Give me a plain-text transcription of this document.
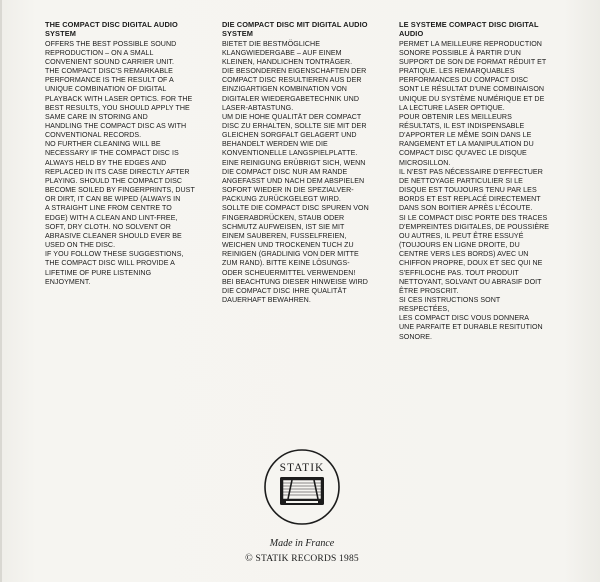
THE COMPACT DISC DIGITAL AUDIO
SYSTEM

OFFERS THE BEST POSSIBLE SOUND
REPRODUCTION – ON A SMALL
CONVENIENT SOUND CARRIER UNIT.
THE COMPACT DISC'S REMARKABLE
PERFORMANCE IS THE RESULT OF A
UNIQUE COMBINATION OF DIGITAL
PLAYBACK WITH LASER OPTICS. FOR THE
BEST RESULTS, YOU SHOULD APPLY THE
SAME CARE IN STORING AND
HANDLING THE COMPACT DISC AS WITH
CONVENTIONAL RECORDS.

NO FURTHER CLEANING WILL BE
NECESSARY IF THE COMPACT DISC IS
ALWAYS HELD BY THE EDGES AND
REPLACED IN ITS CASE DIRECTLY AFTER
PLAYING. SHOULD THE COMPACT DISC
BECOME SOILED BY FINGERPRINTS, DUST
OR DIRT, IT CAN BE WIPED (ALWAYS IN
A STRAIGHT LINE FROM CENTRE TO
EDGE) WITH A CLEAN AND LINT-FREE,
SOFT, DRY CLOTH. NO SOLVENT OR
ABRASIVE CLEANER SHOULD EVER BE
USED ON THE DISC.

IF YOU FOLLOW THESE SUGGESTIONS,
THE COMPACT DISC WILL PROVIDE A
LIFETIME OF PURE LISTENING
ENJOYMENT.

DIE COMPACT DISC MIT DIGITAL AUDIO
SYSTEM

BIETET DIE BESTMÖGLICHE
KLANGWIEDERGABE – AUF EINEM
KLEINEN, HANDLICHEN TONTRÄGER.
DIE BESONDEREN EIGENSCHAFTEN DER
COMPACT DISC RESULTIEREN AUS DER
EINZIGARTIGEN KOMBINATION VON
DIGITALER WIEDERGABETECHNIK UND
LASER-ABTASTUNG.

UM DIE HOHE QUALITÄT DER COMPACT
DISC ZU ERHALTEN, SOLLTE SIE MIT DER
GLEICHEN SORGFALT GELAGERT UND
BEHANDELT WERDEN WIE DIE
KONVENTIONELLE LANGSPIELPLATTE.
EINE REINIGUNG ERÜBRIGT SICH, WENN
DIE COMPACT DISC NUR AM RANDE
ANGEFASST UND NACH DEM ABSPIELEN
SOFORT WIEDER IN DIE SPEZIALVER-
PACKUNG ZURÜCKGELEGT WIRD.
SOLLTE DIE COMPACT DISC SPUREN VON
FINGERABDRÜCKEN, STAUB ODER
SCHMUTZ AUFWEISEN, IST SIE MIT
EINEM SAUBEREN, FUSSELFREIEN,
WEICHEN UND TROCKENEN TUCH ZU
REINIGEN (GRADLINIG VON DER MITTE
ZUM RAND). BITTE KEINE LÖSUNGS-
ODER SCHEUERMITTEL VERWENDEN!
BEI BEACHTUNG DIESER HINWEISE WIRD
DIE COMPACT DISC IHRE QUALITÄT
DAUERHAFT BEWAHREN.

LE SYSTEME COMPACT DISC DIGITAL
AUDIO

PERMET LA MEILLEURE REPRODUCTION
SONORE POSSIBLE À PARTIR D'UN
SUPPORT DE SON DE FORMAT RÉDUIT ET
PRATIQUE. LES REMARQUABLES
PERFORMANCES DU COMPACT DISC
SONT LE RÉSULTAT D'UNE COMBINAISON
UNIQUE DU SYSTÈME NUMÉRIQUE ET DE
LA LECTURE LASER OPTIQUE.
POUR OBTENIR LES MEILLEURS
RÉSULTATS, IL EST INDISPENSABLE
D'APPORTER LE MÊME SOIN DANS LE
RANGEMENT ET LA MANIPULATION DU
COMPACT DISC QU'AVEC LE DISQUE
MICROSILLON.

IL N'EST PAS NÉCESSAIRE D'EFFECTUER
DE NETTOYAGE PARTICULIER SI LE
DISQUE EST TOUJOURS TENU PAR LES
BORDS ET EST REPLACÉ DIRECTEMENT
DANS SON BOITIER APRÈS L'ÉCOUTE.
SI LE COMPACT DISC PORTE DES TRACES
D'EMPREINTES DIGITALES, DE POUSSIÈRE
OU AUTRES, IL PEUT ÊTRE ESSUYÉ
(TOUJOURS EN LIGNE DROITE, DU
CENTRE VERS LES BORDS) AVEC UN
CHIFFON PROPRE, DOUX ET SEC QUI NE
S'EFFILOCHE PAS. TOUT PRODUIT
NETTOYANT, SOLVANT OU ABRASIF DOIT
ÊTRE PROSCRIT.

SI CES INSTRUCTIONS SONT RESPECTÉES,
LES COMPACT DISC VOUS DONNERA
UNE PARFAITE ET DURABLE RESITUTION
SONORE.

STATIK
Made in France
© STATIK RECORDS 1985
